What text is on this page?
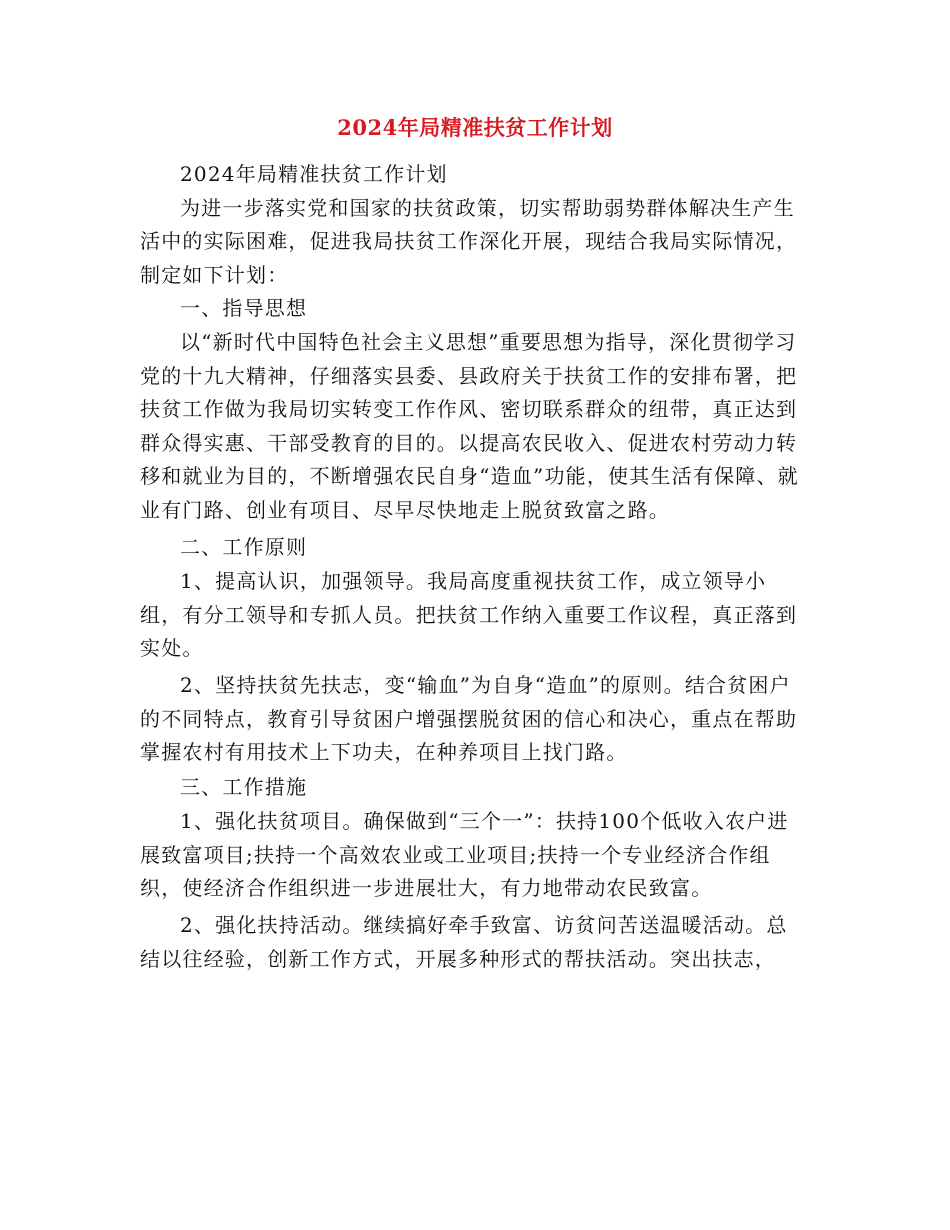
2024年局精准扶贫工作计划

2024年局精准扶贫工作计划

为进一步落实党和国家的扶贫政策，切实帮助弱势群体解决生产生活中的实际困难，促进我局扶贫工作深化开展，现结合我局实际情况，制定如下计划：

一、指导思想

以“新时代中国特色社会主义思想”重要思想为指导，深化贯彻学习党的十九大精神，仔细落实县委、县政府关于扶贫工作的安排布署，把扶贫工作做为我局切实转变工作作风、密切联系群众的纽带，真正达到群众得实惠、干部受教育的目的。以提高农民收入、促进农村劳动力转移和就业为目的，不断增强农民自身“造血”功能，使其生活有保障、就业有门路、创业有项目、尽早尽快地走上脱贫致富之路。

二、工作原则

1、提高认识，加强领导。我局高度重视扶贫工作，成立领导小组，有分工领导和专抓人员。把扶贫工作纳入重要工作议程，真正落到实处。

2、坚持扶贫先扶志，变“输血”为自身“造血”的原则。结合贫困户的不同特点，教育引导贫困户增强摆脱贫困的信心和决心，重点在帮助掌握农村有用技术上下功夫，在种养项目上找门路。

三、工作措施

1、强化扶贫项目。确保做到“三个一”：扶持100个低收入农户进展致富项目;扶持一个高效农业或工业项目;扶持一个专业经济合作组织，使经济合作组织进一步进展壮大，有力地带动农民致富。

2、强化扶持活动。继续搞好牵手致富、访贫问苦送温暖活动。总结以往经验，创新工作方式，开展多种形式的帮扶活动。突出扶志，
